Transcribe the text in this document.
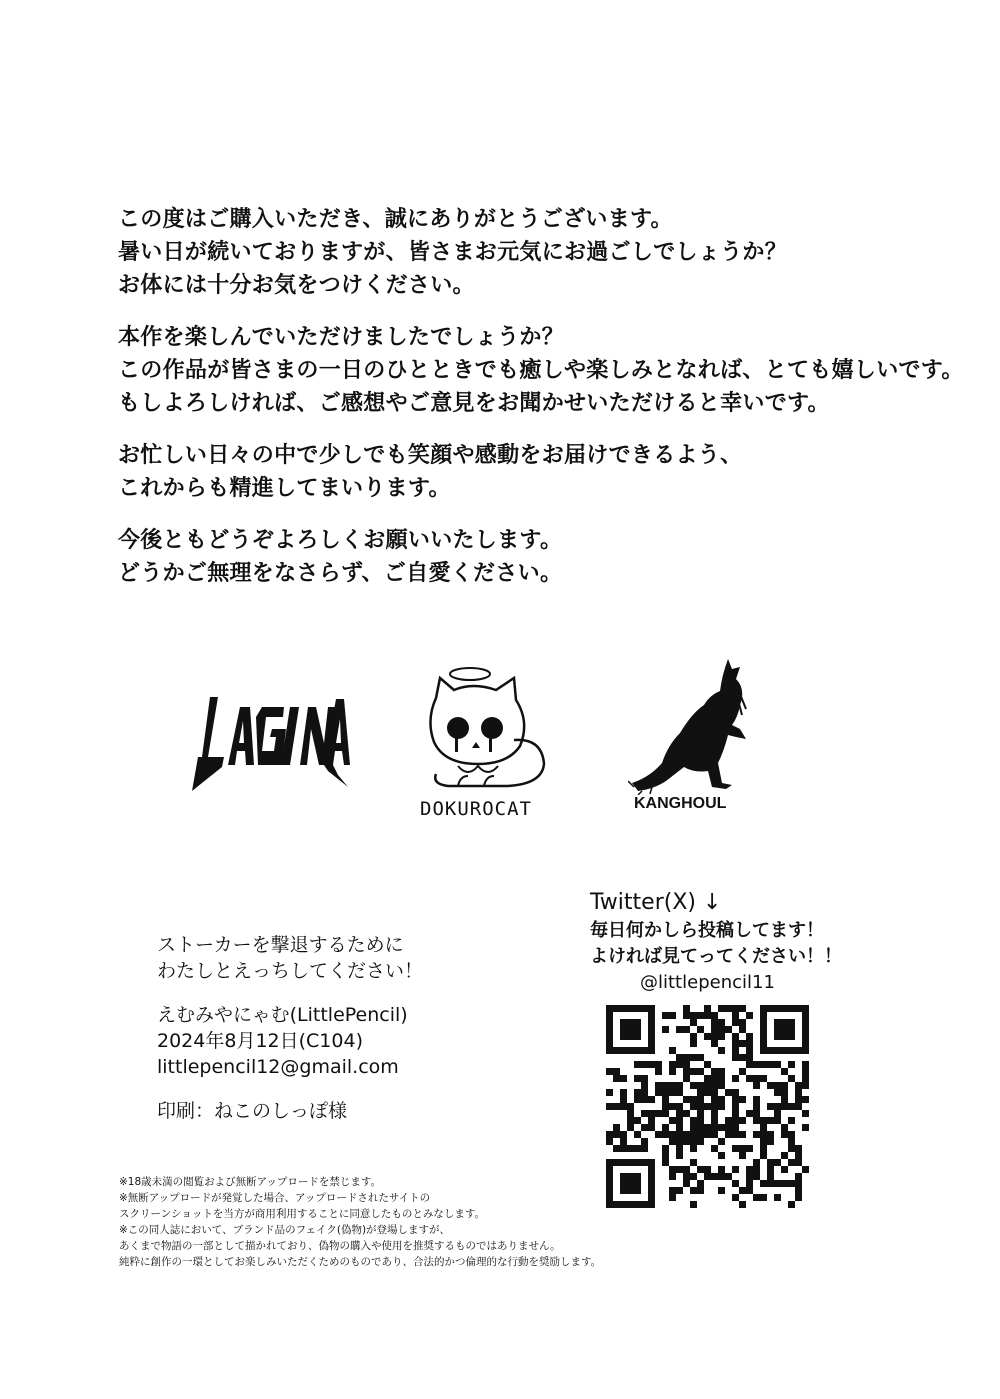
この度はご購入いただき、誠にありがとうございます。
暑い日が続いておりますが、皆さまお元気にお過ごしでしょうか？
お体には十分お気をつけください。
本作を楽しんでいただけましたでしょうか？
この作品が皆さまの一日のひとときでも癒しや楽しみとなれば、とても嬉しいです。
もしよろしければ、ご感想やご意見をお聞かせいただけると幸いです。
お忙しい日々の中で少しでも笑顔や感動をお届けできるよう、
これからも精進してまいります。
今後ともどうぞよろしくお願いいたします。
どうかご無理をなさらず、ご自愛ください。
DOKUROCAT	KANGHOUL
ストーカーを撃退するために
わたしとえっちしてください！
えむみやにゃむ(LittlePencil)
2024年8月12日(C104)
littlepencil12@gmail.com
印刷：ねこのしっぽ様
Twitter(X) ↓
毎日何かしら投稿してます！
よければ見てってください！！
@littlepencil11
※18歳未満の閲覧および無断アップロードを禁じます。
※無断アップロードが発覚した場合、アップロードされたサイトの
スクリーンショットを当方が商用利用することに同意したものとみなします。
※この同人誌において、ブランド品のフェイク(偽物)が登場しますが、
あくまで物語の一部として描かれており、偽物の購入や使用を推奨するものではありません。
純粋に創作の一環としてお楽しみいただくためのものであり、合法的かつ倫理的な行動を奨励します。
